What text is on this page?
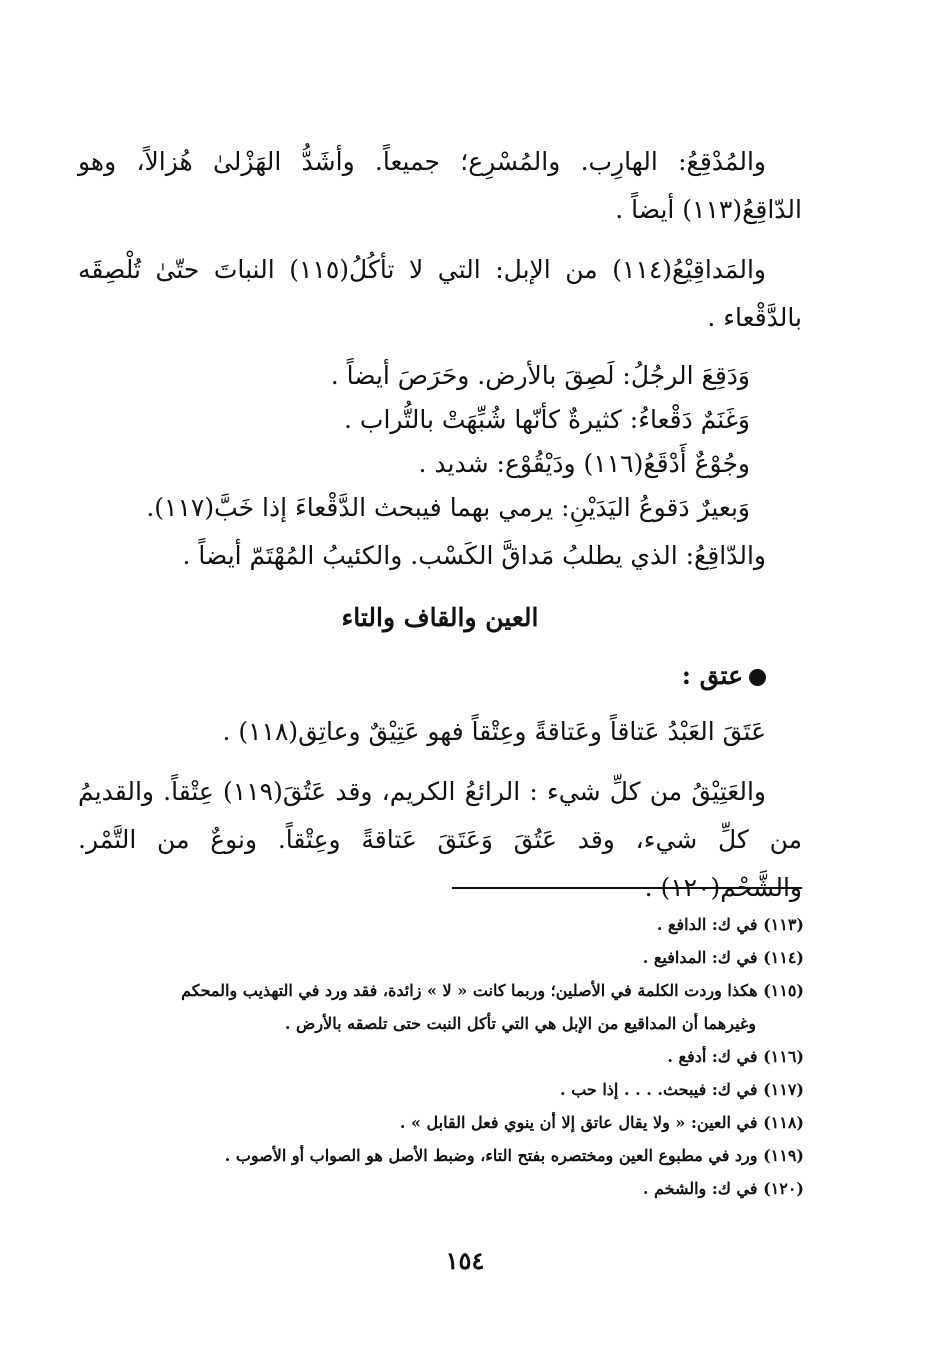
والمُدْقِعُ: الهارِب. والمُسْرِع؛ جميعاً. وأشَدُّ الهَزْلىٰ هُزالاً، وهو الدّاقِعُ(١١٣) أيضاً .

والمَداقِيْعُ(١١٤) من الإبل: التي لا تأكُلُ(١١٥) النباتَ حتّىٰ تُلْصِقَه بالدَّقْعاء .

وَدَقِعَ الرجُلُ: لَصِقَ بالأرض. وحَرَصَ أيضاً .
وَغَنَمٌ دَقْعاءُ: كثيرةٌ كأنّها شُبِّهَتْ بالتُّراب .
وجُوْعٌ أَدْقَعُ(١١٦) ودَيْقُوْع: شديد .
وَبعيرٌ دَقوعُ اليَدَيْنِ: يرمي بهما فيبحث الدَّقْعاءَ إذا خَبَّ(١١٧).

والدّاقِعُ: الذي يطلبُ مَداقَّ الكَسْب. والكئيبُ المُهْتَمّ أيضاً .

العين والقاف والتاء
عتق :

عَتَقَ العَبْدُ عَتاقاً وعَتاقةً وعِتْقاً فهو عَتِيْقٌ وعاتِق(١١٨) .

والعَتِيْقُ من كلِّ شيء : الرائعُ الكريم، وقد عَتُقَ(١١٩) عِتْقاً. والقديمُ من كلِّ شيء، وقد عَتُقَ وَعَتَقَ عَتاقةً وعِتْقاً. ونوعٌ من التَّمْر. والشَّحْم(١٢٠) .

(١١٣) في ك: الدافع .
(١١٤) في ك: المدافيع .
(١١٥) هكذا وردت الكلمة في الأصلين؛ وربما كانت « لا » زائدة، فقد ورد في التهذيب والمحكم
وغيرهما أن المداقيع من الإبل هي التي تأكل النبت حتى تلصقه بالأرض .
(١١٦) في ك: أدفع .
(١١٧) في ك: فيبحث. . . . إذا حب .
(١١٨) في العين: « ولا يقال عاتق إلا أن ينوي فعل القابل » .
(١١٩) ورد في مطبوع العين ومختصره بفتح التاء، وضبط الأصل هو الصواب أو الأصوب .
(١٢٠) في ك: والشخم .
١٥٤
